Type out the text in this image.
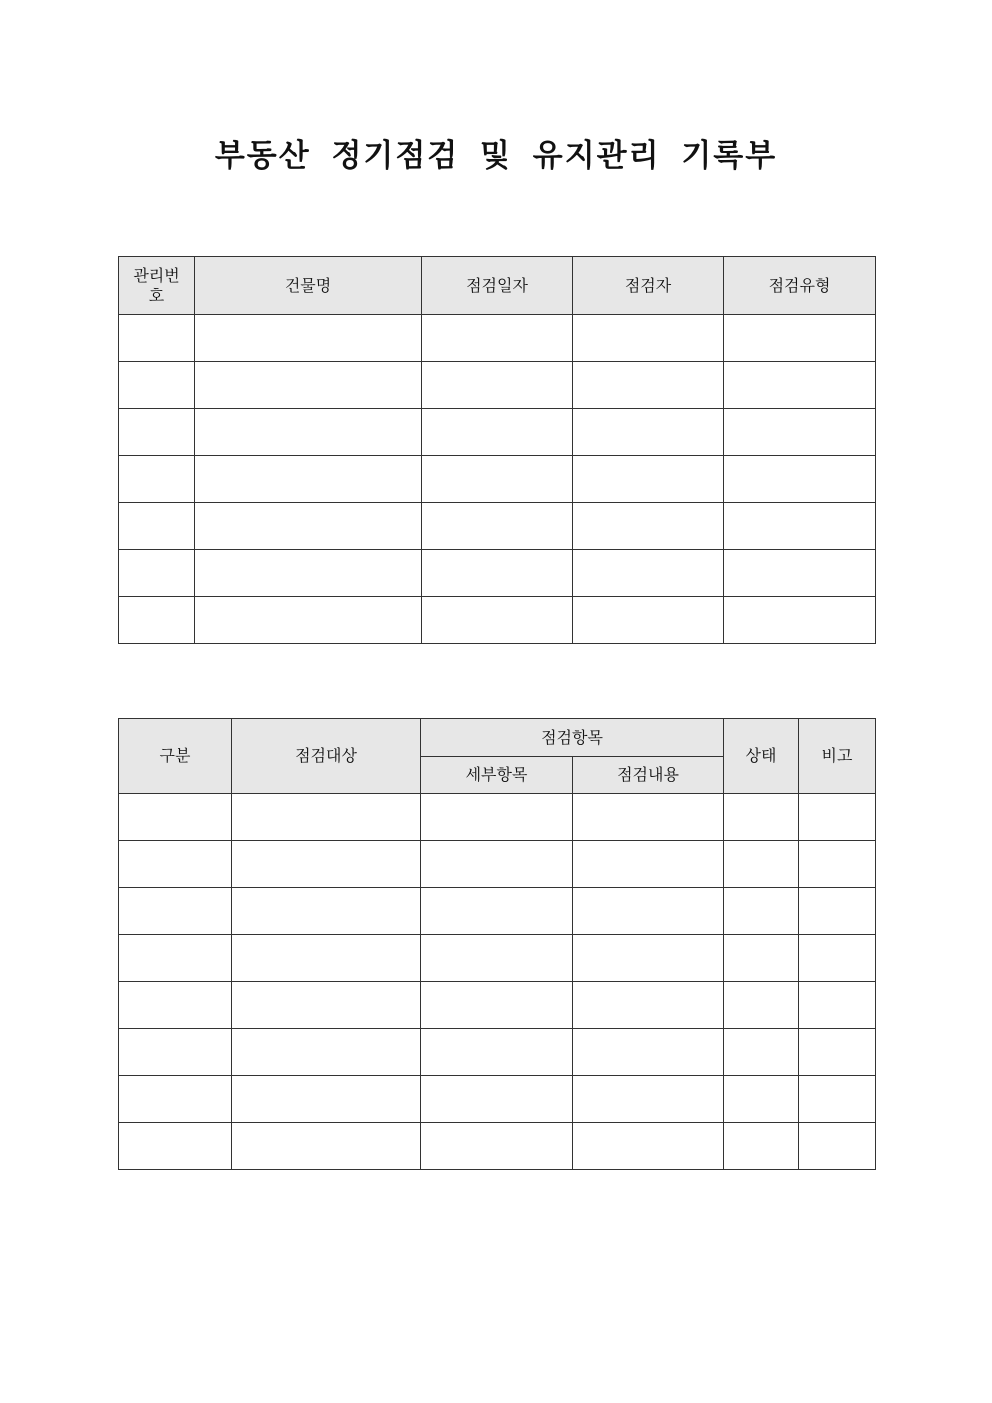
부동산 정기점검 및 유지관리 기록부
관리번 호	건물명	점검일자	점검자	점검유형

구분	점검대상	점검항목		상태	비고
		세부항목	점검내용		
